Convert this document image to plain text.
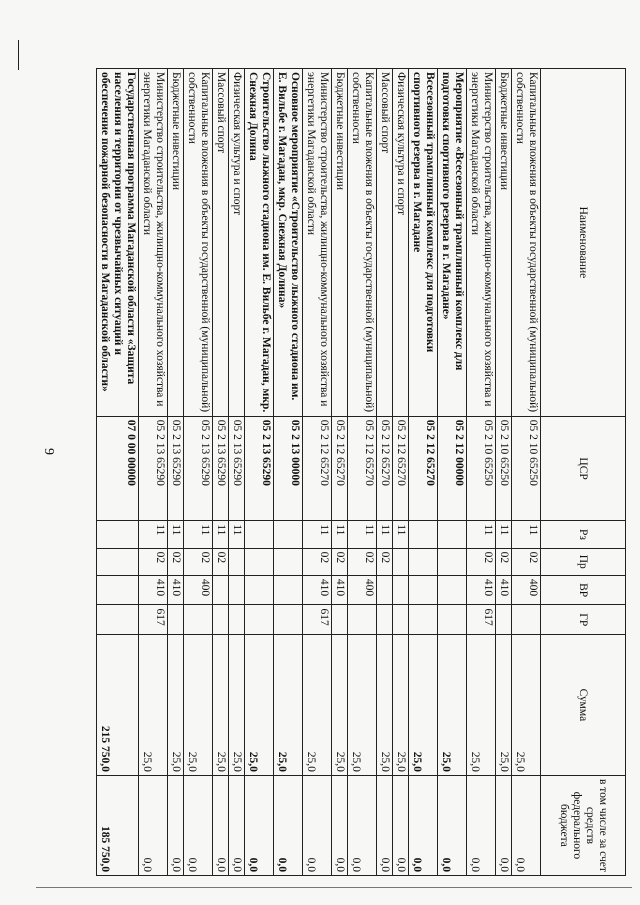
9
Наименование	ЦСР	Рз	Пр	ВР	ГР	Сумма	в том числе за счет средств федерального бюджета
Капитальные вложения в объекты государственной (муниципальной) собственности	05 2 10 65250	11	02	400		25,0	0,0
Бюджетные инвестиции	05 2 10 65250	11	02	410		25,0	0,0
Министерство строительства, жилищно-коммунального хозяйства и энергетики Магаданской области	05 2 10 65250	11	02	410	617	25,0	0,0
Мероприятие «Всесезонный трамплинный комплекс для подготовки спортивного резерва в г. Магадане»	05 2 12 00000					25,0	0,0
Всесезонный трамплинный комплекс для подготовки спортивного резерва в г. Магадане	05 2 12 65270					25,0	0,0
Физическая культура и спорт	05 2 12 65270	11				25,0	0,0
Массовый спорт	05 2 12 65270	11	02			25,0	0,0
Капитальные вложения в объекты государственной (муниципальной) собственности	05 2 12 65270	11	02	400		25,0	0,0
Бюджетные инвестиции	05 2 12 65270	11	02	410		25,0	0,0
Министерство строительства, жилищно-коммунального хозяйства и энергетики Магаданской области	05 2 12 65270	11	02	410	617	25,0	0,0
Основное мероприятие «Строительство лыжного стадиона им. Е. Вильбе г. Магадан, мкр. Снежная Долина»	05 2 13 00000					25,0	0,0
Строительство лыжного стадиона им. Е. Вильбе г. Магадан, мкр. Снежная Долина	05 2 13 65290					25,0	0,0
Физическая культура и спорт	05 2 13 65290	11				25,0	0,0
Массовый спорт	05 2 13 65290	11	02			25,0	0,0
Капитальные вложения в объекты государственной (муниципальной) собственности	05 2 13 65290	11	02	400		25,0	0,0
Бюджетные инвестиции	05 2 13 65290	11	02	410		25,0	0,0
Министерство строительства, жилищно-коммунального хозяйства и энергетики Магаданской области	05 2 13 65290	11	02	410	617	25,0	0,0
Государственная программа Магаданской области «Защита населения и территории от чрезвычайных ситуаций и обеспечение пожарной безопасности в Магаданской области»	07 0 00 00000					215 750,0	185 750,0
